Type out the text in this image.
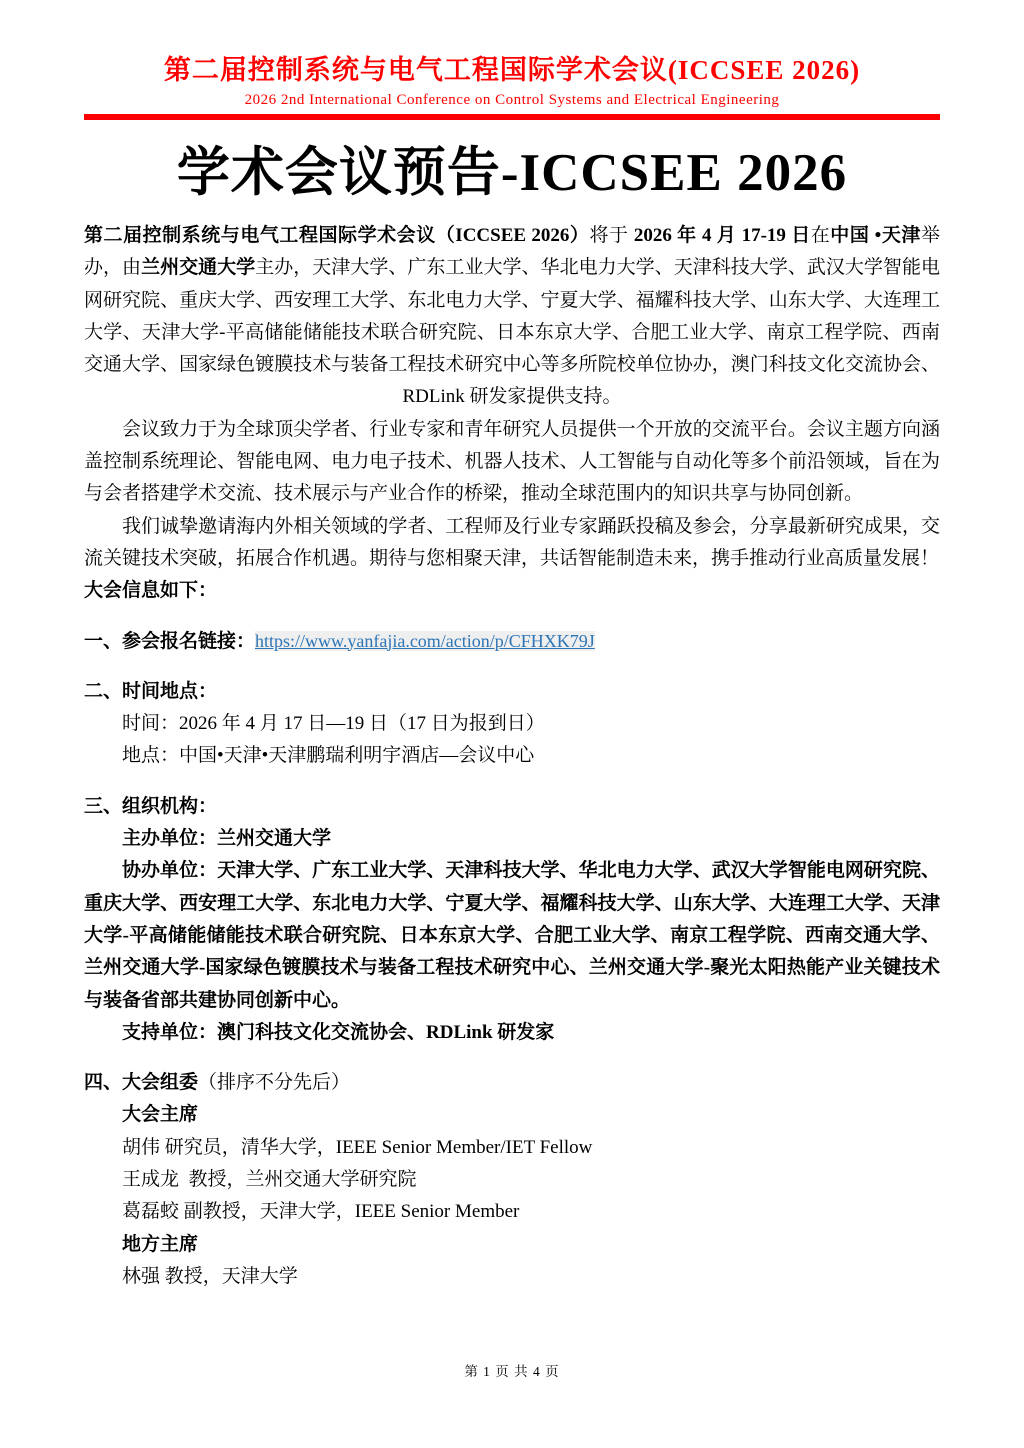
第二届控制系统与电气工程国际学术会议(ICCSEE 2026)
2026 2nd International Conference on Control Systems and Electrical Engineering
学术会议预告-ICCSEE 2026

第二届控制系统与电气工程国际学术会议（ICCSEE 2026）将于 2026 年 4 月 17-19 日在中国 •天津举办，由兰州交通大学主办，天津大学、广东工业大学、华北电力大学、天津科技大学、武汉大学智能电网研究院、重庆大学、西安理工大学、东北电力大学、宁夏大学、福耀科技大学、山东大学、大连理工大学、天津大学-平高储能储能技术联合研究院、日本东京大学、合肥工业大学、南京工程学院、西南交通大学、国家绿色镀膜技术与装备工程技术研究中心等多所院校单位协办，澳门科技文化交流协会、RDLink 研发家提供支持。

会议致力于为全球顶尖学者、行业专家和青年研究人员提供一个开放的交流平台。会议主题方向涵盖控制系统理论、智能电网、电力电子技术、机器人技术、人工智能与自动化等多个前沿领域，旨在为与会者搭建学术交流、技术展示与产业合作的桥梁，推动全球范围内的知识共享与协同创新。

我们诚挚邀请海内外相关领域的学者、工程师及行业专家踊跃投稿及参会，分享最新研究成果，交流关键技术突破，拓展合作机遇。期待与您相聚天津，共话智能制造未来，携手推动行业高质量发展！

大会信息如下：

一、参会报名链接：https://www.yanfajia.com/action/p/CFHXK79J

二、时间地点：

时间：2026 年 4 月 17 日—19 日（17 日为报到日）

地点：中国•天津•天津鹏瑞利明宇酒店—会议中心

三、组织机构：

主办单位：兰州交通大学

协办单位：天津大学、广东工业大学、天津科技大学、华北电力大学、武汉大学智能电网研究院、重庆大学、西安理工大学、东北电力大学、宁夏大学、福耀科技大学、山东大学、大连理工大学、天津大学-平高储能储能技术联合研究院、日本东京大学、合肥工业大学、南京工程学院、西南交通大学、兰州交通大学-国家绿色镀膜技术与装备工程技术研究中心、兰州交通大学-聚光太阳热能产业关键技术与装备省部共建协同创新中心。

支持单位：澳门科技文化交流协会、RDLink 研发家

四、大会组委（排序不分先后）

大会主席

胡伟 研究员，清华大学，IEEE Senior Member/IET Fellow

王成龙  教授，兰州交通大学研究院

葛磊蛟 副教授，天津大学，IEEE Senior Member

地方主席

林强 教授，天津大学

第 1 页 共 4 页
